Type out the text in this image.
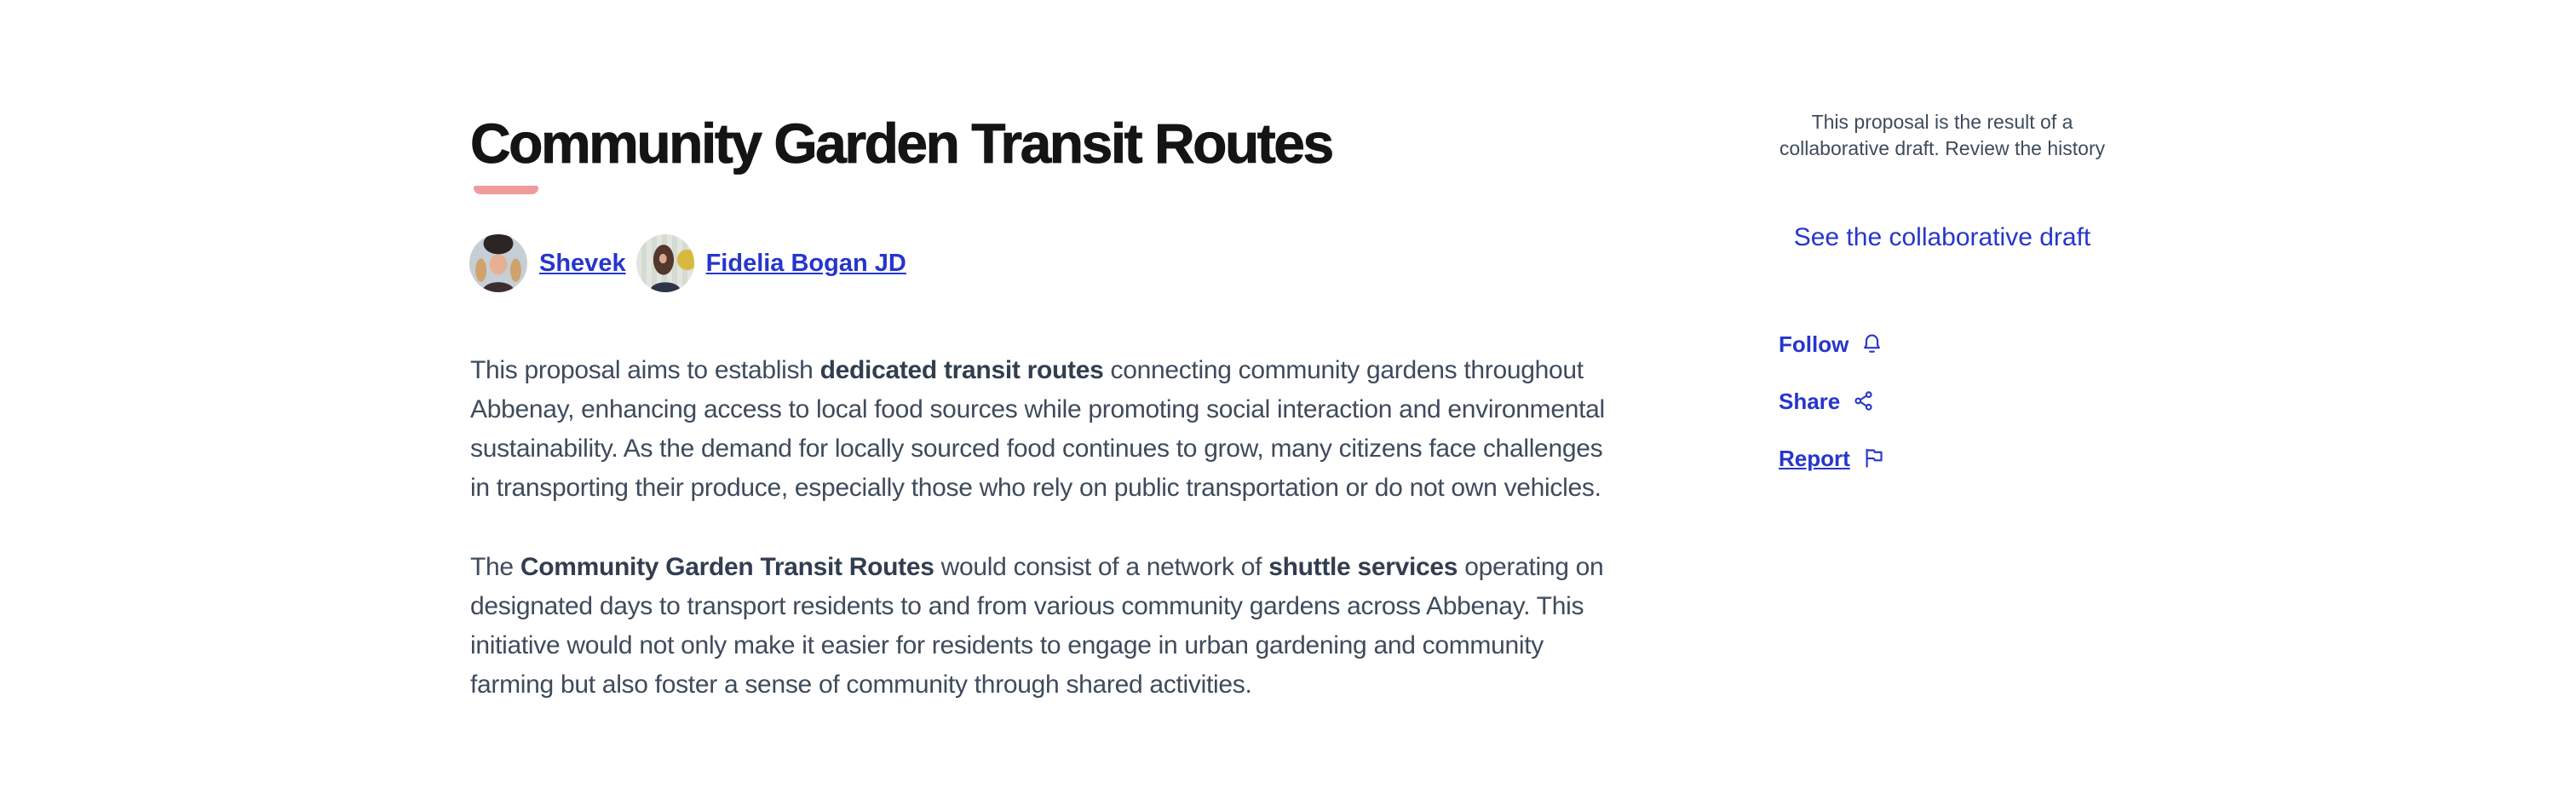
Community Garden Transit Routes
Shevek	Fidelia Bogan JD

This proposal aims to establish dedicated transit routes connecting community gardens throughout Abbenay, enhancing access to local food sources while promoting social interaction and environmental sustainability. As the demand for locally sourced food continues to grow, many citizens face challenges in transporting their produce, especially those who rely on public transportation or do not own vehicles.

The Community Garden Transit Routes would consist of a network of shuttle services operating on designated days to transport residents to and from various community gardens across Abbenay. This initiative would not only make it easier for residents to engage in urban gardening and community farming but also foster a sense of community through shared activities.

This proposal is the result of a collaborative draft. Review the history

See the collaborative draft
Follow
Share
Report
